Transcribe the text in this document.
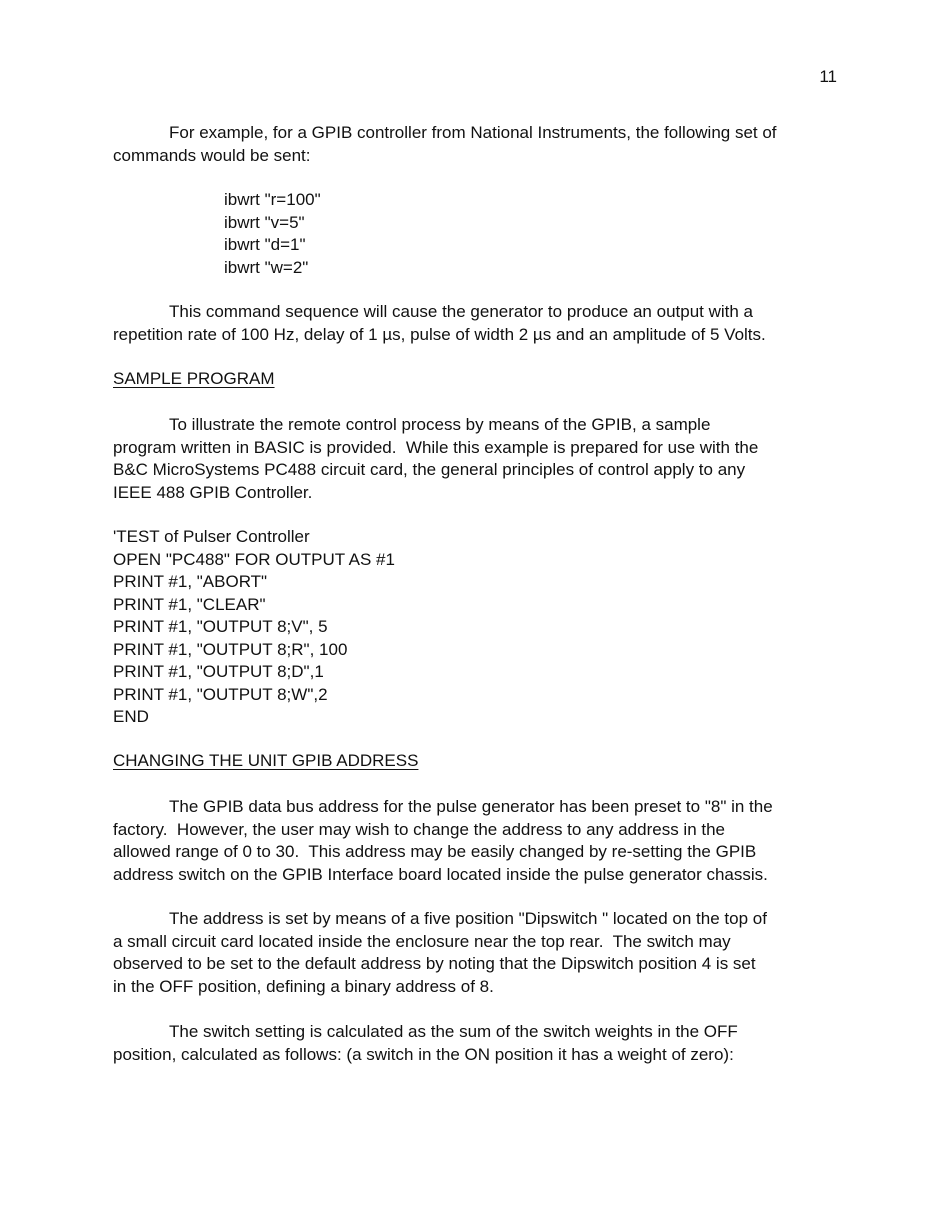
11
For example, for a GPIB controller from National Instruments, the following set of
commands would be sent:
ibwrt "r=100"
ibwrt "v=5"
ibwrt "d=1"
ibwrt "w=2"
This command sequence will cause the generator to produce an output with a
repetition rate of 100 Hz, delay of 1 µs, pulse of width 2 µs and an amplitude of 5 Volts.
SAMPLE PROGRAM
To illustrate the remote control process by means of the GPIB, a sample
program written in BASIC is provided.  While this example is prepared for use with the
B&C MicroSystems PC488 circuit card, the general principles of control apply to any
IEEE 488 GPIB Controller.
'TEST of Pulser Controller
OPEN "PC488" FOR OUTPUT AS #1
PRINT #1, "ABORT"
PRINT #1, "CLEAR"
PRINT #1, "OUTPUT 8;V", 5
PRINT #1, "OUTPUT 8;R", 100
PRINT #1, "OUTPUT 8;D",1
PRINT #1, "OUTPUT 8;W",2
END
CHANGING THE UNIT GPIB ADDRESS
The GPIB data bus address for the pulse generator has been preset to "8" in the
factory.  However, the user may wish to change the address to any address in the
allowed range of 0 to 30.  This address may be easily changed by re-setting the GPIB
address switch on the GPIB Interface board located inside the pulse generator chassis.
The address is set by means of a five position "Dipswitch " located on the top of
a small circuit card located inside the enclosure near the top rear.  The switch may
observed to be set to the default address by noting that the Dipswitch position 4 is set
in the OFF position, defining a binary address of 8.
The switch setting is calculated as the sum of the switch weights in the OFF
position, calculated as follows: (a switch in the ON position it has a weight of zero):
